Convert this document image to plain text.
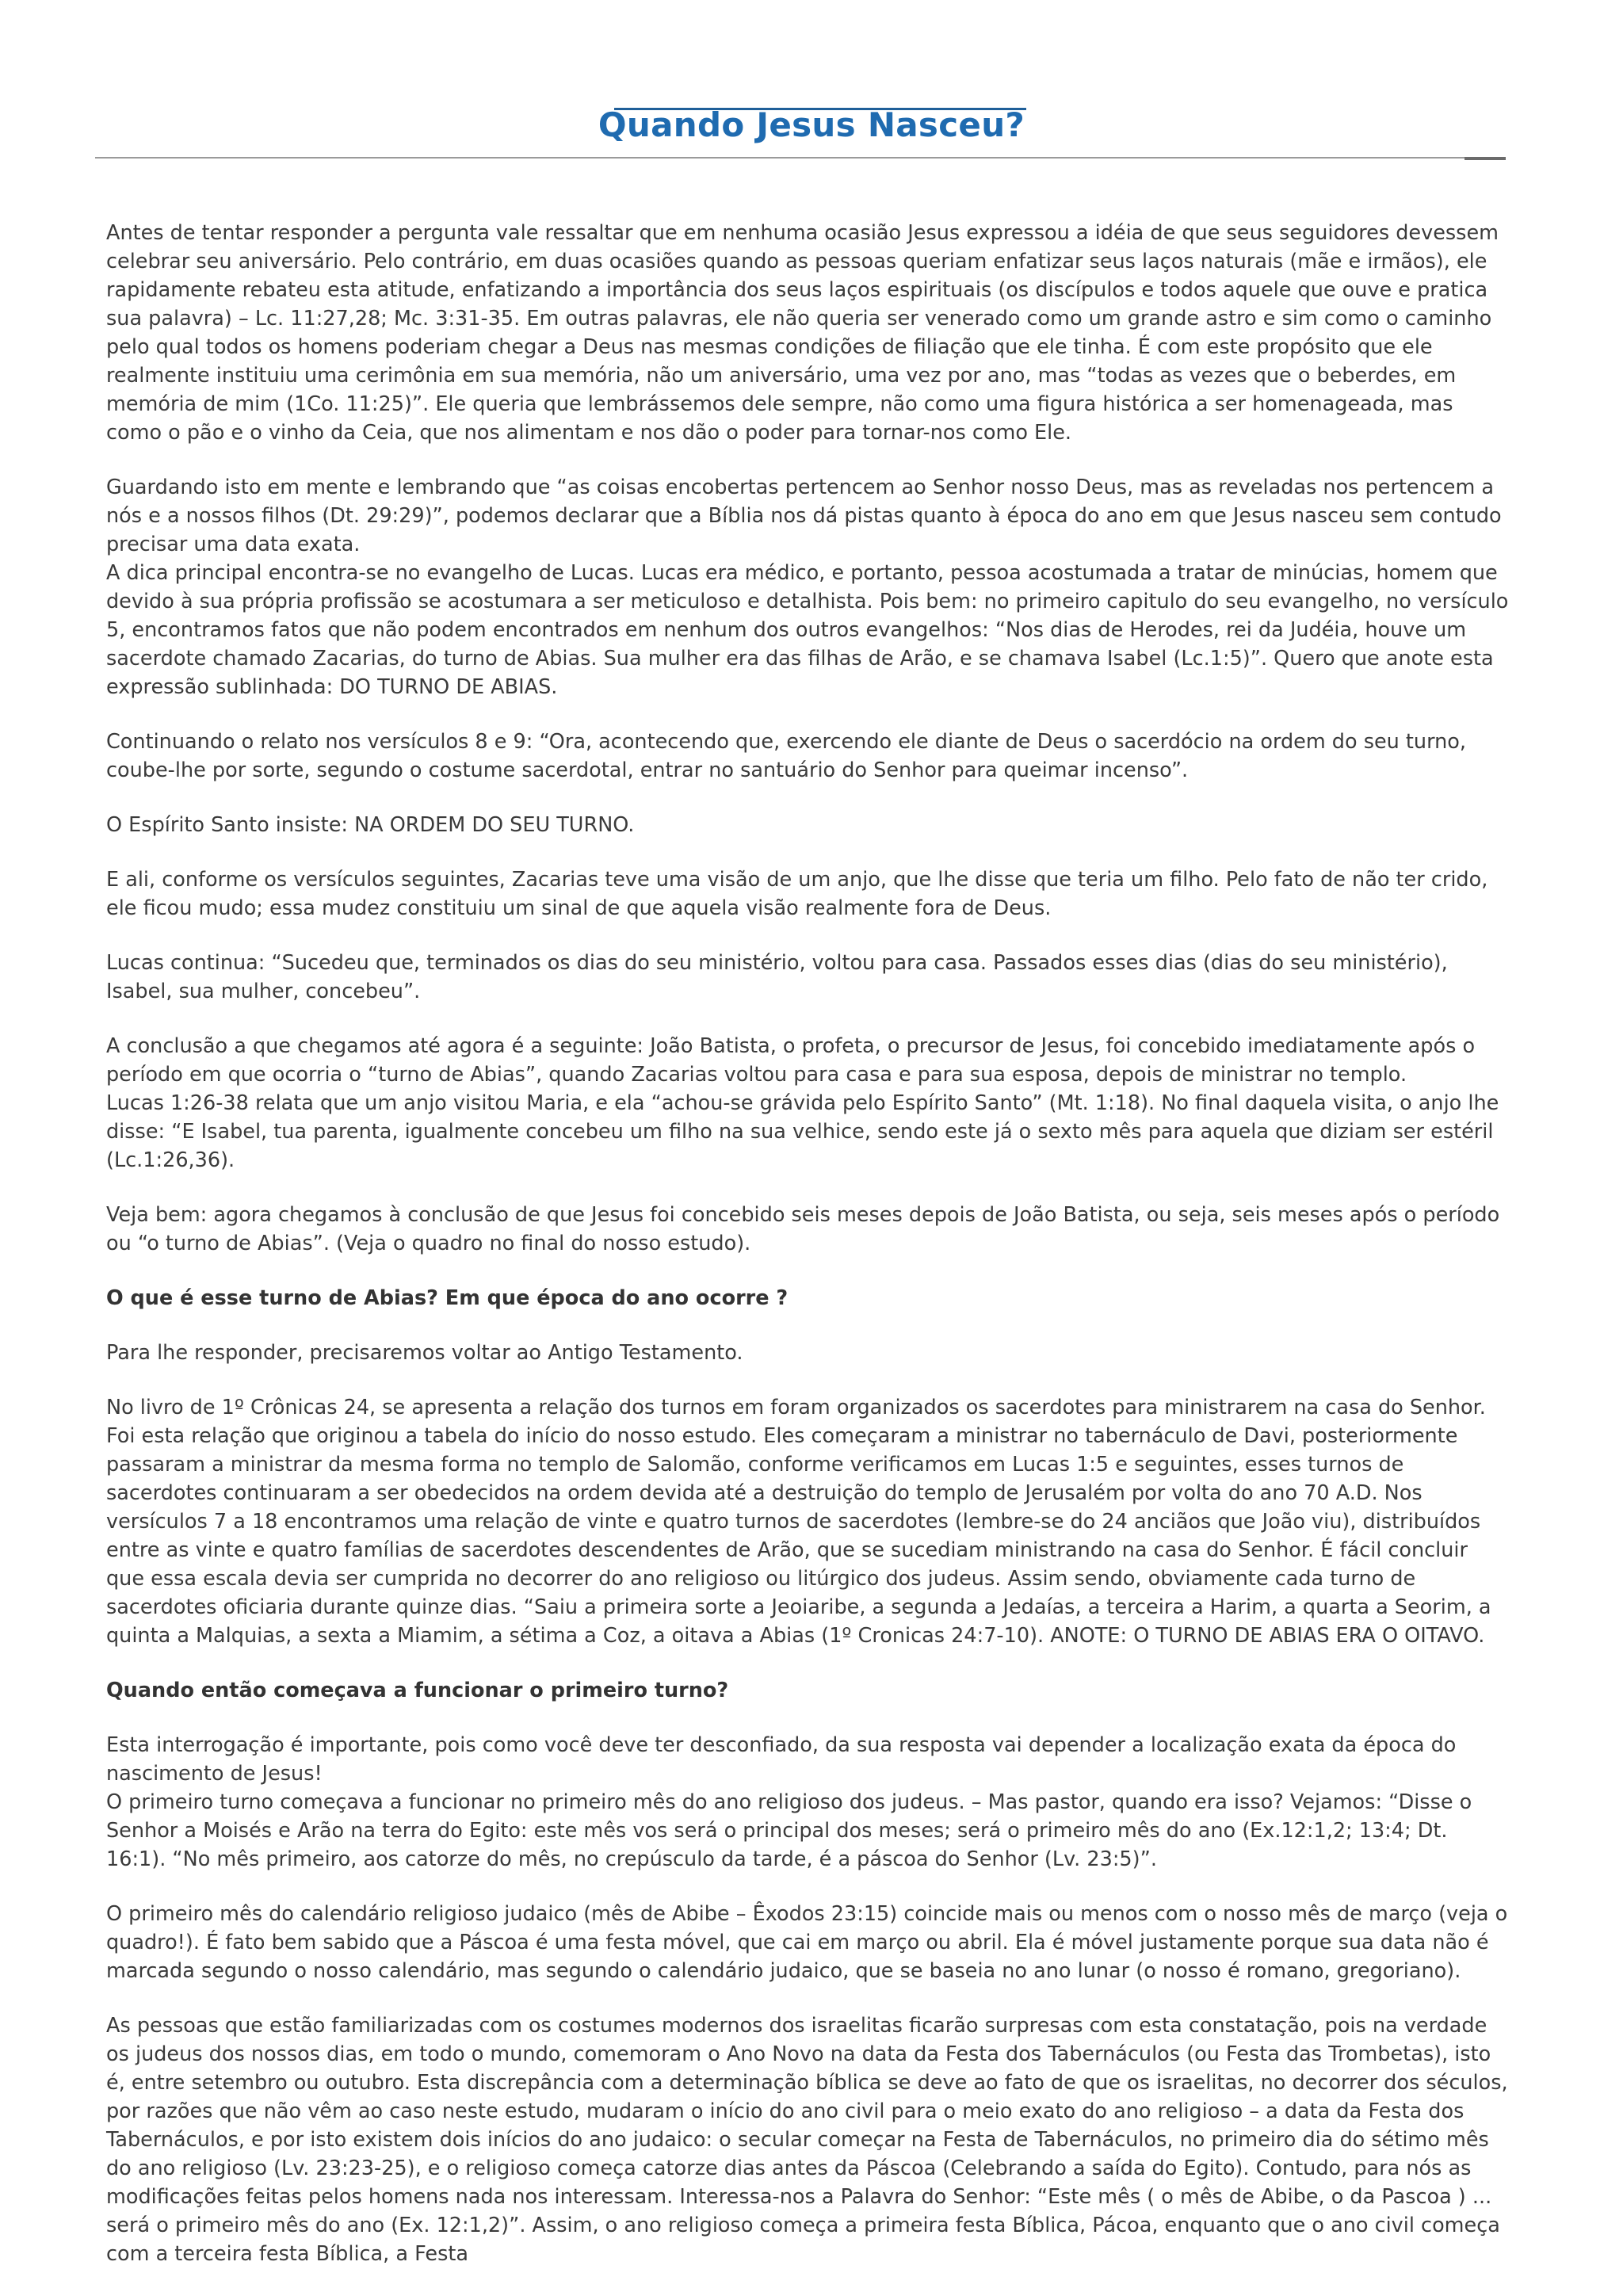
Quando Jesus Nasceu?

Antes de tentar responder a pergunta vale ressaltar que em nenhuma ocasião Jesus expressou a idéia de que seus seguidores devessem celebrar seu aniversário. Pelo contrário, em duas ocasiões quando as pessoas queriam enfatizar seus laços naturais (mãe e irmãos), ele rapidamente rebateu esta atitude, enfatizando a importância dos seus laços espirituais (os discípulos e todos aquele que ouve e pratica sua palavra) – Lc. 11:27,28; Mc. 3:31-35. Em outras palavras, ele não queria ser venerado como um grande astro e sim como o caminho pelo qual todos os homens poderiam chegar a Deus nas mesmas condições de filiação que ele tinha. É com este propósito que ele realmente instituiu uma cerimônia em sua memória, não um aniversário, uma vez por ano, mas “todas as vezes que o beberdes, em memória de mim (1Co. 11:25)”. Ele queria que lembrássemos dele sempre, não como uma figura histórica a ser homenageada, mas como o pão e o vinho da Ceia, que nos alimentam e nos dão o poder para tornar-nos como Ele.

Guardando isto em mente e lembrando que “as coisas encobertas pertencem ao Senhor nosso Deus, mas as reveladas nos pertencem a nós e a nossos filhos (Dt. 29:29)”, podemos declarar que a Bíblia nos dá pistas quanto à época do ano em que Jesus nasceu sem contudo precisar uma data exata.

A dica principal encontra-se no evangelho de Lucas. Lucas era médico, e portanto, pessoa acostumada a tratar de minúcias, homem que devido à sua própria profissão se acostumara a ser meticuloso e detalhista. Pois bem: no primeiro capitulo do seu evangelho, no versículo 5, encontramos fatos que não podem encontrados em nenhum dos outros evangelhos: “Nos dias de Herodes, rei da Judéia, houve um sacerdote chamado Zacarias, do turno de Abias. Sua mulher era das filhas de Arão, e se chamava Isabel (Lc.1:5)”. Quero que anote esta expressão sublinhada: DO TURNO DE ABIAS.

Continuando o relato nos versículos 8 e 9: “Ora, acontecendo que, exercendo ele diante de Deus o sacerdócio na ordem do seu turno, coube-lhe por sorte, segundo o costume sacerdotal, entrar no santuário do Senhor para queimar incenso”.

O Espírito Santo insiste: NA ORDEM DO SEU TURNO.

E ali, conforme os versículos seguintes, Zacarias teve uma visão de um anjo, que lhe disse que teria um filho. Pelo fato de não ter crido, ele ficou mudo; essa mudez constituiu um sinal de que aquela visão realmente fora de Deus.

Lucas continua: “Sucedeu que, terminados os dias do seu ministério, voltou para casa. Passados esses dias (dias do seu ministério), Isabel, sua mulher, concebeu”.

A conclusão a que chegamos até agora é a seguinte: João Batista, o profeta, o precursor de Jesus, foi concebido imediatamente após o período em que ocorria o “turno de Abias”, quando Zacarias voltou para casa e para sua esposa, depois de ministrar no templo.

Lucas 1:26-38 relata que um anjo visitou Maria, e ela “achou-se grávida pelo Espírito Santo” (Mt. 1:18). No final daquela visita, o anjo lhe disse: “E Isabel, tua parenta, igualmente concebeu um filho na sua velhice, sendo este já o sexto mês para aquela que diziam ser estéril (Lc.1:26,36).

Veja bem: agora chegamos à conclusão de que Jesus foi concebido seis meses depois de João Batista, ou seja, seis meses após o período ou “o turno de Abias”. (Veja o quadro no final do nosso estudo).

O que é esse turno de Abias? Em que época do ano ocorre ?

Para lhe responder, precisaremos voltar ao Antigo Testamento.

No livro de 1º Crônicas 24, se apresenta a relação dos turnos em foram organizados os sacerdotes para ministrarem na casa do Senhor. Foi esta relação que originou a tabela do início do nosso estudo. Eles começaram a ministrar no tabernáculo de Davi, posteriormente passaram a ministrar da mesma forma no templo de Salomão, conforme verificamos em Lucas 1:5 e seguintes, esses turnos de sacerdotes continuaram a ser obedecidos na ordem devida até a destruição do templo de Jerusalém por volta do ano 70 A.D. Nos versículos 7 a 18 encontramos uma relação de vinte e quatro turnos de sacerdotes (lembre-se do 24 anciãos que João viu), distribuídos entre as vinte e quatro famílias de sacerdotes descendentes de Arão, que se sucediam ministrando na casa do Senhor. É fácil concluir que essa escala devia ser cumprida no decorrer do ano religioso ou litúrgico dos judeus. Assim sendo, obviamente cada turno de sacerdotes oficiaria durante quinze dias. “Saiu a primeira sorte a Jeoiaribe, a segunda a Jedaías, a terceira a Harim, a quarta a Seorim, a quinta a Malquias, a sexta a Miamim, a sétima a Coz, a oitava a Abias (1º Cronicas 24:7-10). ANOTE: O TURNO DE ABIAS ERA O OITAVO.

Quando então começava a funcionar o primeiro turno?

Esta interrogação é importante, pois como você deve ter desconfiado, da sua resposta vai depender a localização exata da época do nascimento de Jesus!

O primeiro turno começava a funcionar no primeiro mês do ano religioso dos judeus. – Mas pastor, quando era isso? Vejamos: “Disse o Senhor a Moisés e Arão na terra do Egito: este mês vos será o principal dos meses; será o primeiro mês do ano (Ex.12:1,2; 13:4; Dt. 16:1). “No mês primeiro, aos catorze do mês, no crepúsculo da tarde, é a páscoa do Senhor (Lv. 23:5)”.

O primeiro mês do calendário religioso judaico (mês de Abibe – Êxodos 23:15) coincide mais ou menos com o nosso mês de março (veja o quadro!). É fato bem sabido que a Páscoa é uma festa móvel, que cai em março ou abril. Ela é móvel justamente porque sua data não é marcada segundo o nosso calendário, mas segundo o calendário judaico, que se baseia no ano lunar (o nosso é romano, gregoriano).

As pessoas que estão familiarizadas com os costumes modernos dos israelitas ficarão surpresas com esta constatação, pois na verdade os judeus dos nossos dias, em todo o mundo, comemoram o Ano Novo na data da Festa dos Tabernáculos (ou Festa das Trombetas), isto é, entre setembro ou outubro. Esta discrepância com a determinação bíblica se deve ao fato de que os israelitas, no decorrer dos séculos, por razões que não vêm ao caso neste estudo, mudaram o início do ano civil para o meio exato do ano religioso – a data da Festa dos Tabernáculos, e por isto existem dois inícios do ano judaico: o secular começar na Festa de Tabernáculos, no primeiro dia do sétimo mês do ano religioso (Lv. 23:23-25), e o religioso começa catorze dias antes da Páscoa (Celebrando a saída do Egito). Contudo, para nós as modificações feitas pelos homens nada nos interessam. Interessa-nos a Palavra do Senhor: “Este mês ( o mês de Abibe, o da Pascoa ) ... será o primeiro mês do ano (Ex. 12:1,2)”. Assim, o ano religioso começa a primeira festa Bíblica, Pácoa, enquanto que o ano civil começa com a terceira festa Bíblica, a Festa
